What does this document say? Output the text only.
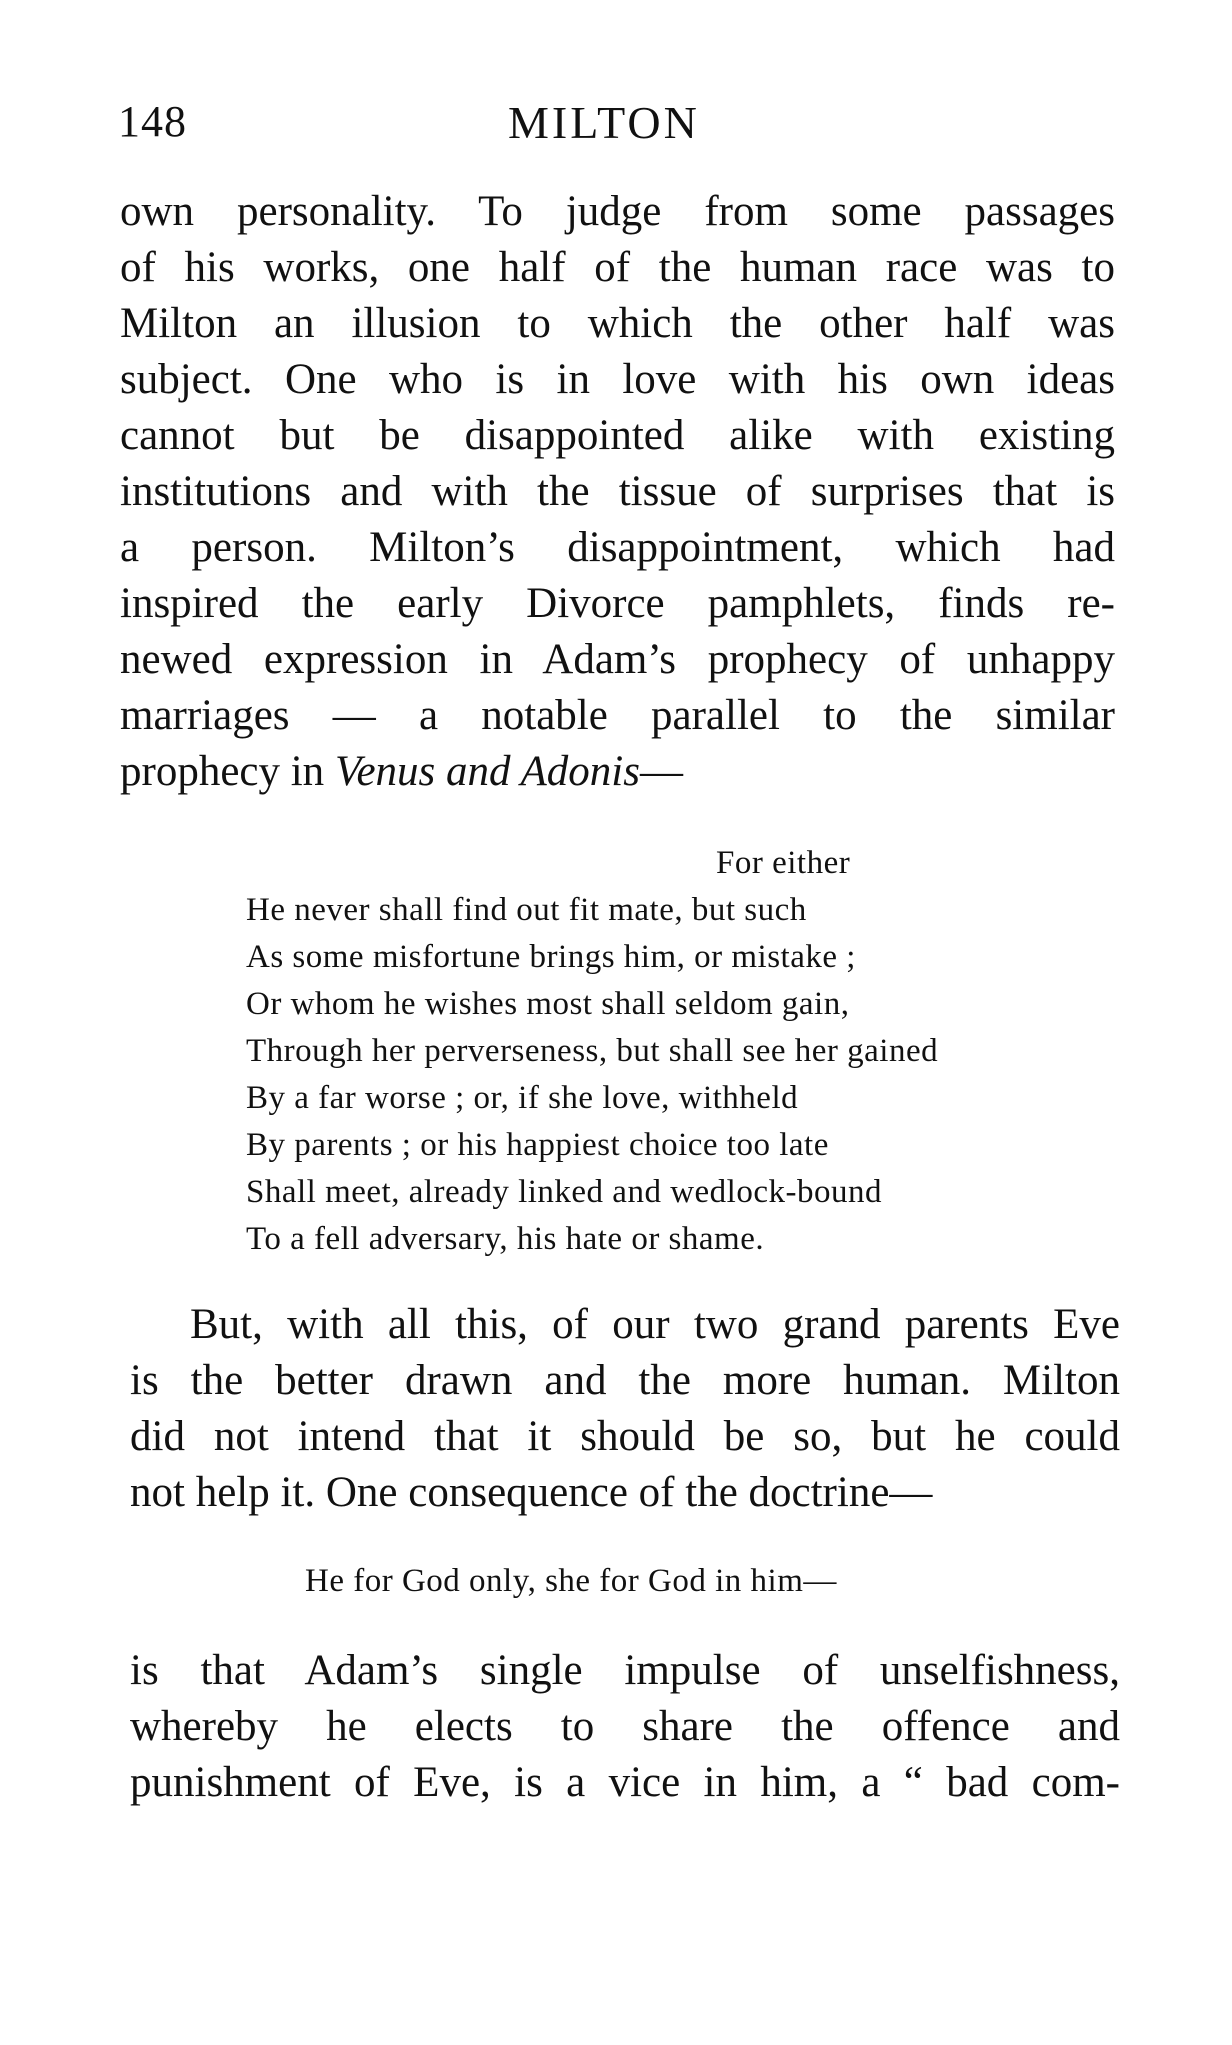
148	MILTON
own personality. To judge from some passages
of his works, one half of the human race was to
Milton an illusion to which the other half was
subject. One who is in love with his own ideas
cannot but be disappointed alike with existing
institutions and with the tissue of surprises that is
a person. Milton’s disappointment, which had
inspired the early Divorce pamphlets, finds re-
newed expression in Adam’s prophecy of unhappy
marriages — a notable parallel to the similar
prophecy in Venus and Adonis—
For either
He never shall find out fit mate, but such
As some misfortune brings him, or mistake ;
Or whom he wishes most shall seldom gain,
Through her perverseness, but shall see her gained
By a far worse ; or, if she love, withheld
By parents ; or his happiest choice too late
Shall meet, already linked and wedlock-bound
To a fell adversary, his hate or shame.
But, with all this, of our two grand parents Eve
is the better drawn and the more human. Milton
did not intend that it should be so, but he could
not help it. One consequence of the doctrine—
He for God only, she for God in him—
is that Adam’s single impulse of unselfishness,
whereby he elects to share the offence and
punishment of Eve, is a vice in him, a “ bad com-
